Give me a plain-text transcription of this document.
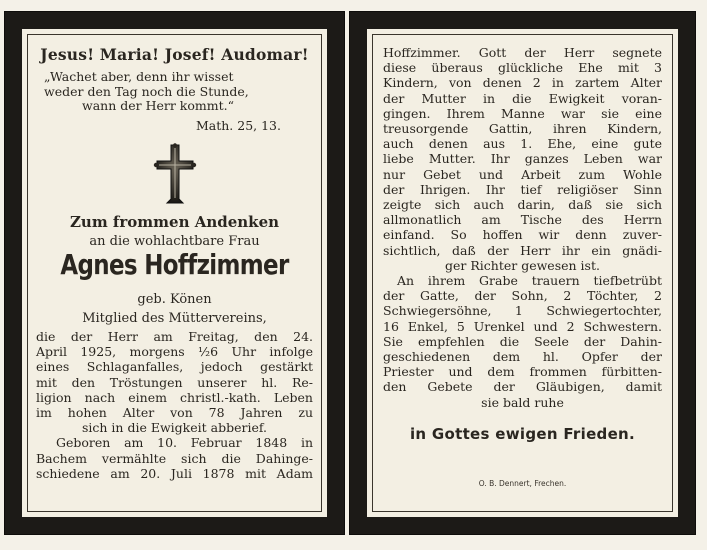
Jesus! Maria! Josef! Audomar!
„Wachet aber, denn ihr wisset
weder den Tag noch die Stunde,
wann der Herr kommt.“
Math. 25, 13.
Zum frommen Andenken
an die wohlachtbare Frau
Agnes Hoffzimmer
geb. Könen
Mitglied des Müttervereins,
die der Herr am Freitag, den 24.
April 1925, morgens ½6 Uhr infolge
eines Schlaganfalles, jedoch gestärkt
mit den Tröstungen unserer hl. Re-
ligion nach einem christl.-kath. Leben
im hohen Alter von 78 Jahren zu
sich in die Ewigkeit abberief.
Geboren am 10. Februar 1848 in
Bachem vermählte sich die Dahinge-
schiedene am 20. Juli 1878 mit Adam
Hoffzimmer. Gott der Herr segnete
diese überaus glückliche Ehe mit 3
Kindern, von denen 2 in zartem Alter
der Mutter in die Ewigkeit voran-
gingen. Ihrem Manne war sie eine
treusorgende Gattin, ihren Kindern,
auch denen aus 1. Ehe, eine gute
liebe Mutter. Ihr ganzes Leben war
nur Gebet und Arbeit zum Wohle
der Ihrigen. Ihr tief religiöser Sinn
zeigte sich auch darin, daß sie sich
allmonatlich am Tische des Herrn
einfand. So hoffen wir denn zuver-
sichtlich, daß der Herr ihr ein gnädi-
ger Richter gewesen ist.
An ihrem Grabe trauern tiefbetrübt
der Gatte, der Sohn, 2 Töchter, 2
Schwiegersöhne, 1 Schwiegertochter,
16 Enkel, 5 Urenkel und 2 Schwestern.
Sie empfehlen die Seele der Dahin-
geschiedenen dem hl. Opfer der
Priester und dem frommen fürbitten-
den Gebete der Gläubigen, damit
sie bald ruhe
in Gottes ewigen Frieden.
O. B. Dennert, Frechen.
